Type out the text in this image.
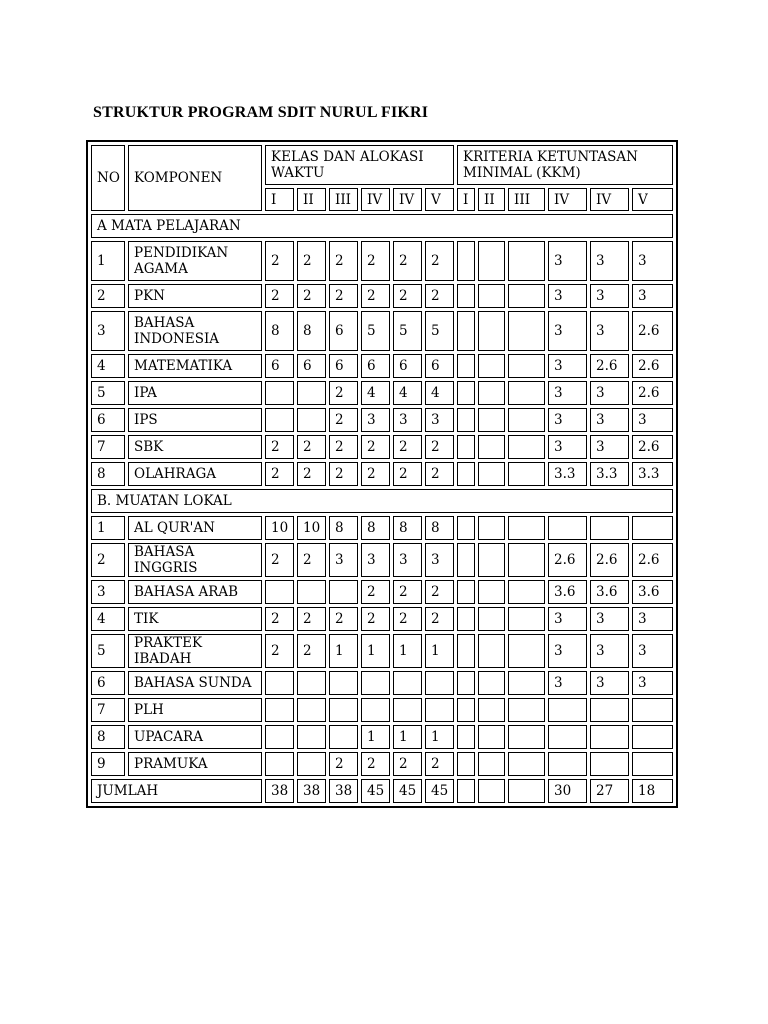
STRUKTUR PROGRAM SDIT NURUL FIKRI
NO	KOMPONEN	KELAS DAN ALOKASI WAKTU						KRITERIA KETUNTASAN MINIMAL (KKM)					
		I	II	III	IV	IV	V	I	II	III	IV	IV	V
A MATA PELAJARAN													
1	PENDIDIKAN AGAMA	2	2	2	2	2	2				3	3	3
2	PKN	2	2	2	2	2	2				3	3	3
3	BAHASA INDONESIA	8	8	6	5	5	5				3	3	2.6
4	MATEMATIKA	6	6	6	6	6	6				3	2.6	2.6
5	IPA			2	4	4	4				3	3	2.6
6	IPS			2	3	3	3				3	3	3
7	SBK	2	2	2	2	2	2				3	3	2.6
8	OLAHRAGA	2	2	2	2	2	2				3.3	3.3	3.3
B. MUATAN LOKAL													
1	AL QUR'AN	10	10	8	8	8	8						
2	BAHASA INGGRIS	2	2	3	3	3	3				2.6	2.6	2.6
3	BAHASA ARAB				2	2	2				3.6	3.6	3.6
4	TIK	2	2	2	2	2	2				3	3	3
5	PRAKTEK IBADAH	2	2	1	1	1	1				3	3	3
6	BAHASA SUNDA										3	3	3
7	PLH												
8	UPACARA				1	1	1						
9	PRAMUKA			2	2	2	2						
JUMLAH		38	38	38	45	45	45				30	27	18
